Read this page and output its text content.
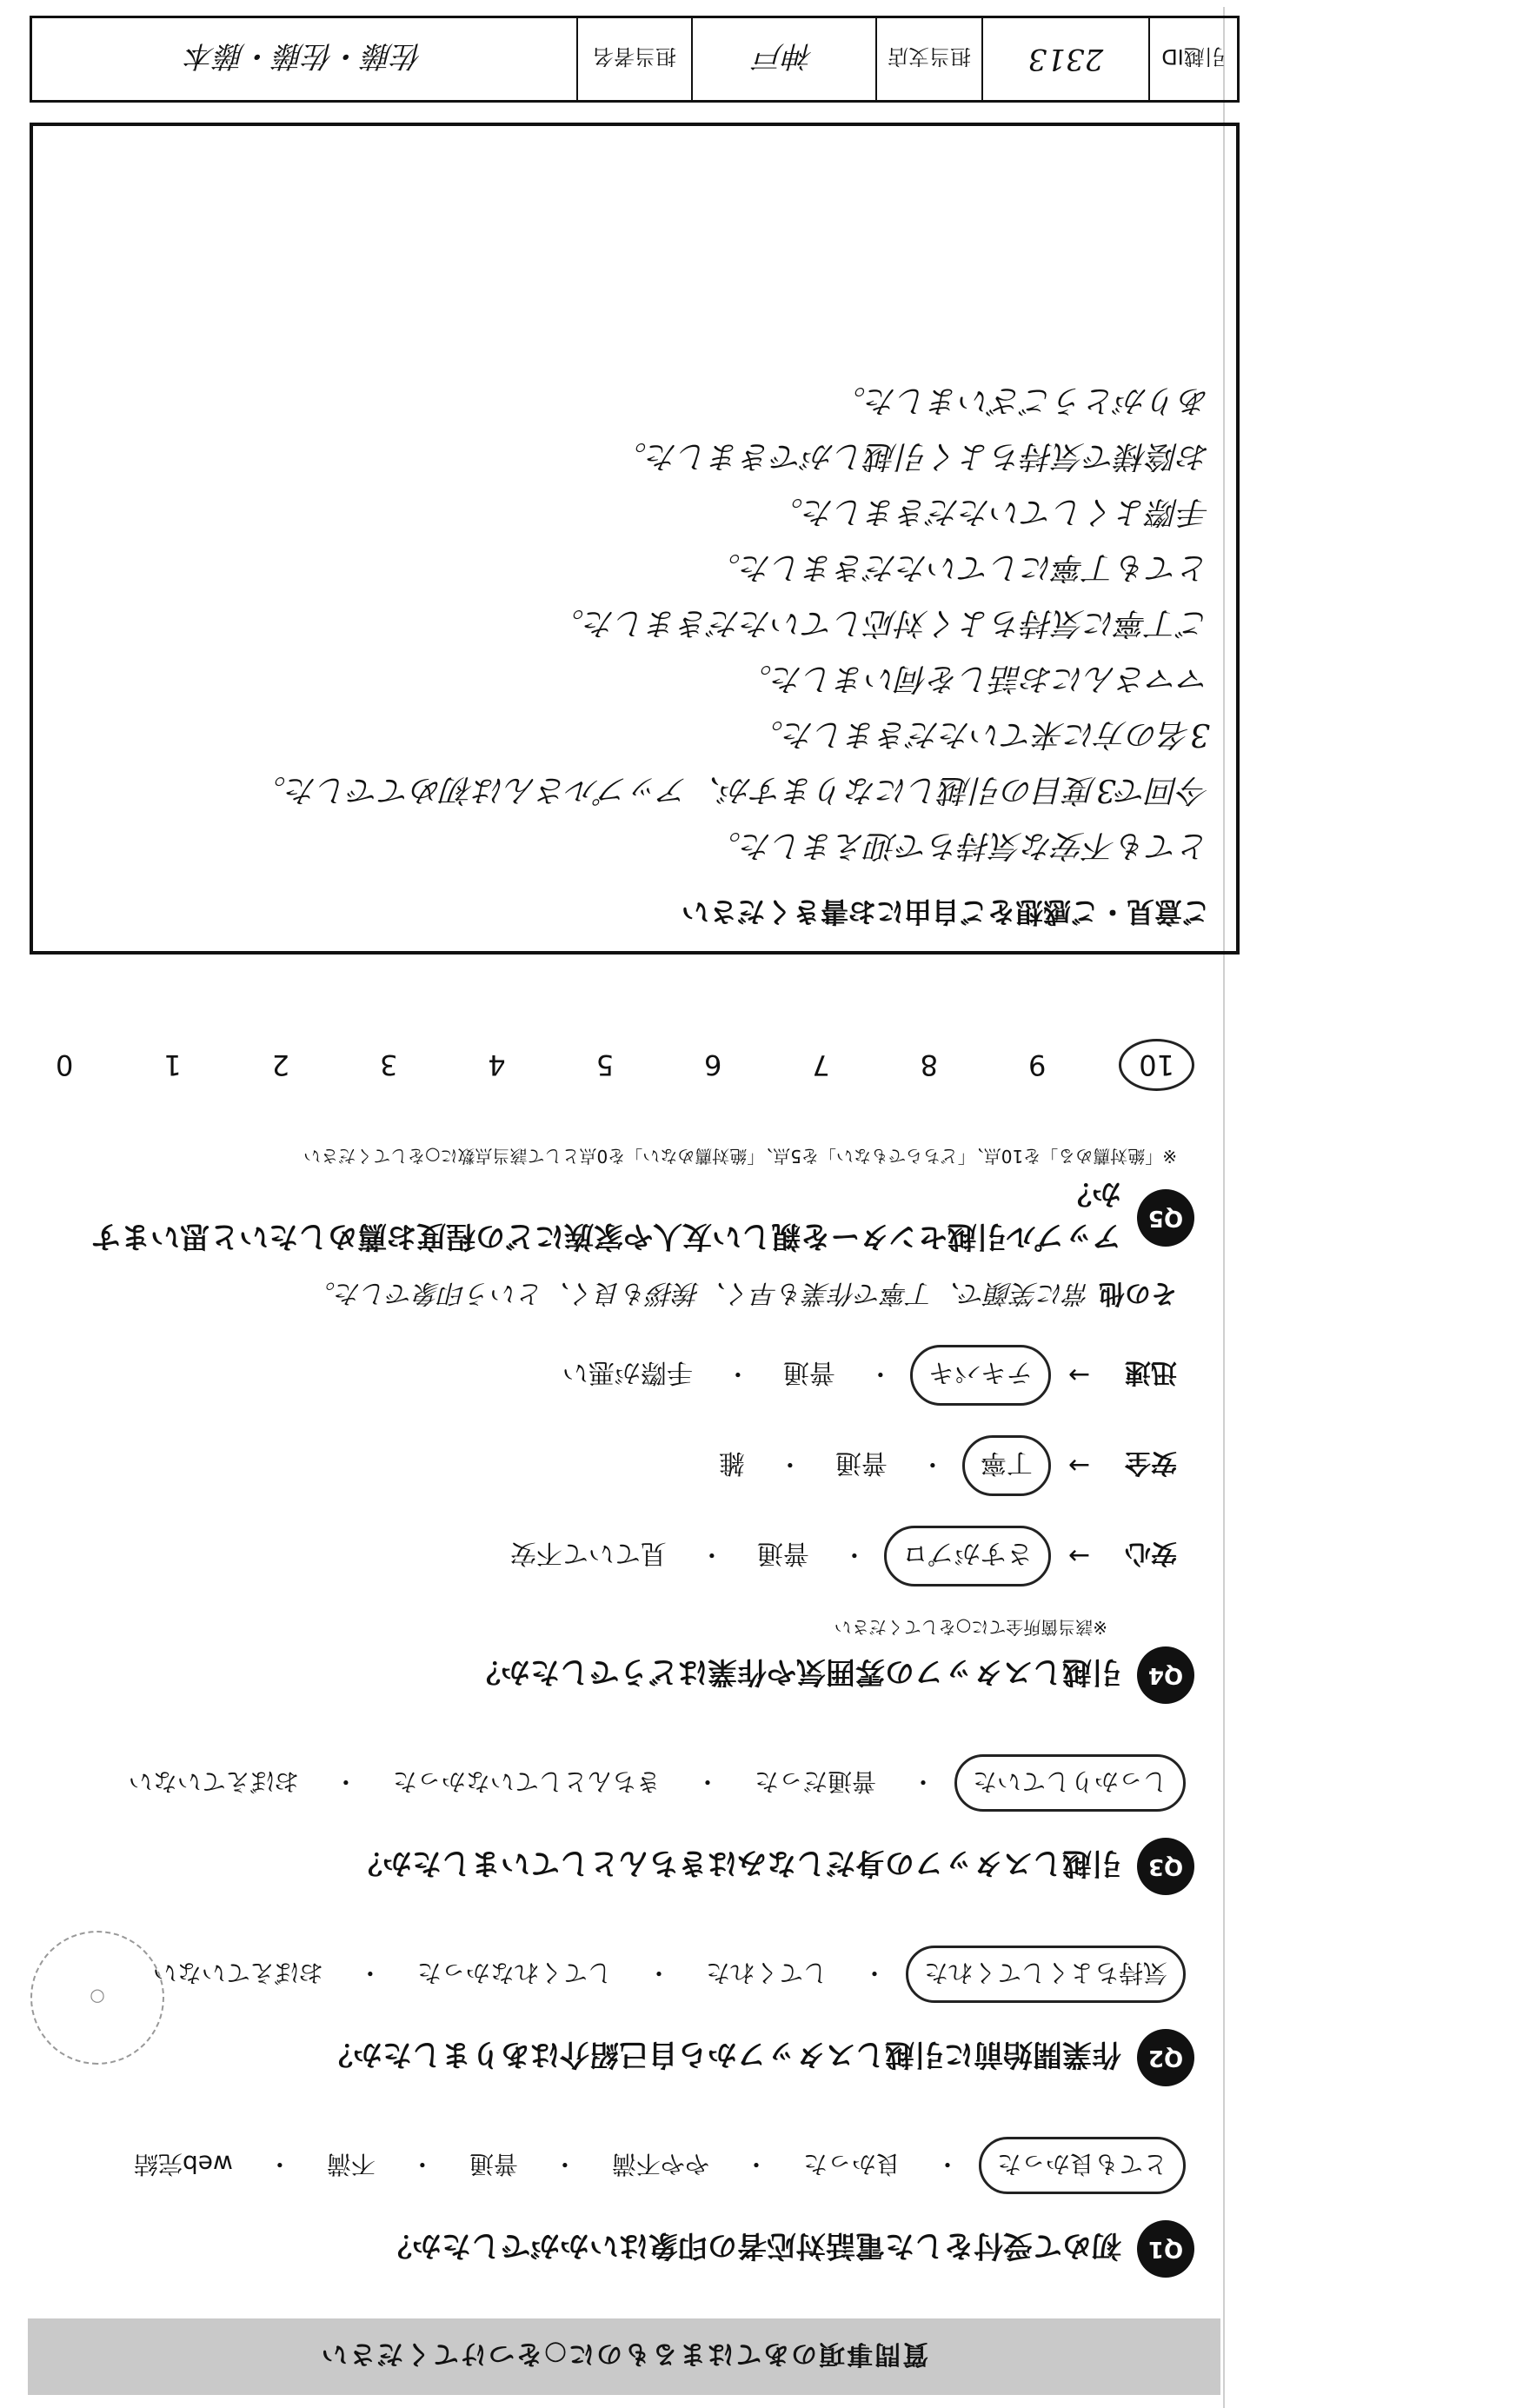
質問事項のあてはまるものに○をつけてください
Q1
初めて受付をした電話対応者の印象はいかがでしたか？
とても良かった
・
良かった
・
やや不満
・
普通
・
不満
・
web完結
○
Q2
作業開始前に引越しスタッフから自己紹介はありましたか？
気持ちよくしてくれた
・
してくれた
・
してくれなかった
・
おぼえていない
Q3
引越しスタッフの身だしなみはきちんとしていましたか？
しっかりしていた
・
普通だった
・
きちんとしていなかった
・
おぼえていない
Q4
引越しスタッフの雰囲気や作業はどうでしたか？
※該当箇所全てに○をしてください
安心
→
さすがプロ
・
普通
・
見ていて不安
安全
→
丁寧
・
普通
・
雑
迅速
→
テキパキ
・
普通
・
手際が悪い
その他
常に笑顔で、丁寧で作業も早く、挨拶も良く、という印象でした。
Q5
アップル引越センターを親しい友人や家族にどの程度お薦めしたいと思いますか？
※「絶対薦める」を10点、「どちらでもない」を5点、「絶対薦めない」を0点として該当点数に○をしてください
10
9
8
7
6
5
4
3
2
1
0
ご意見・ご感想をご自由にお書きください
とても不安な気持ちで迎えました。
今回で3度目の引越しになりますが、アップルさんは初めてでした。
3名の方に来ていただきました。
ママさんにお話しを伺いました。
ご丁寧に気持ちよく対応していただきました。
とても丁寧にしていただきました。
手際よくしていただきました。
お陰様で気持ちよく引越しができました。
ありがとうございました。
引越ID
2313
担当支店
神戸
担当者名
佐藤・佐藤・藤本
